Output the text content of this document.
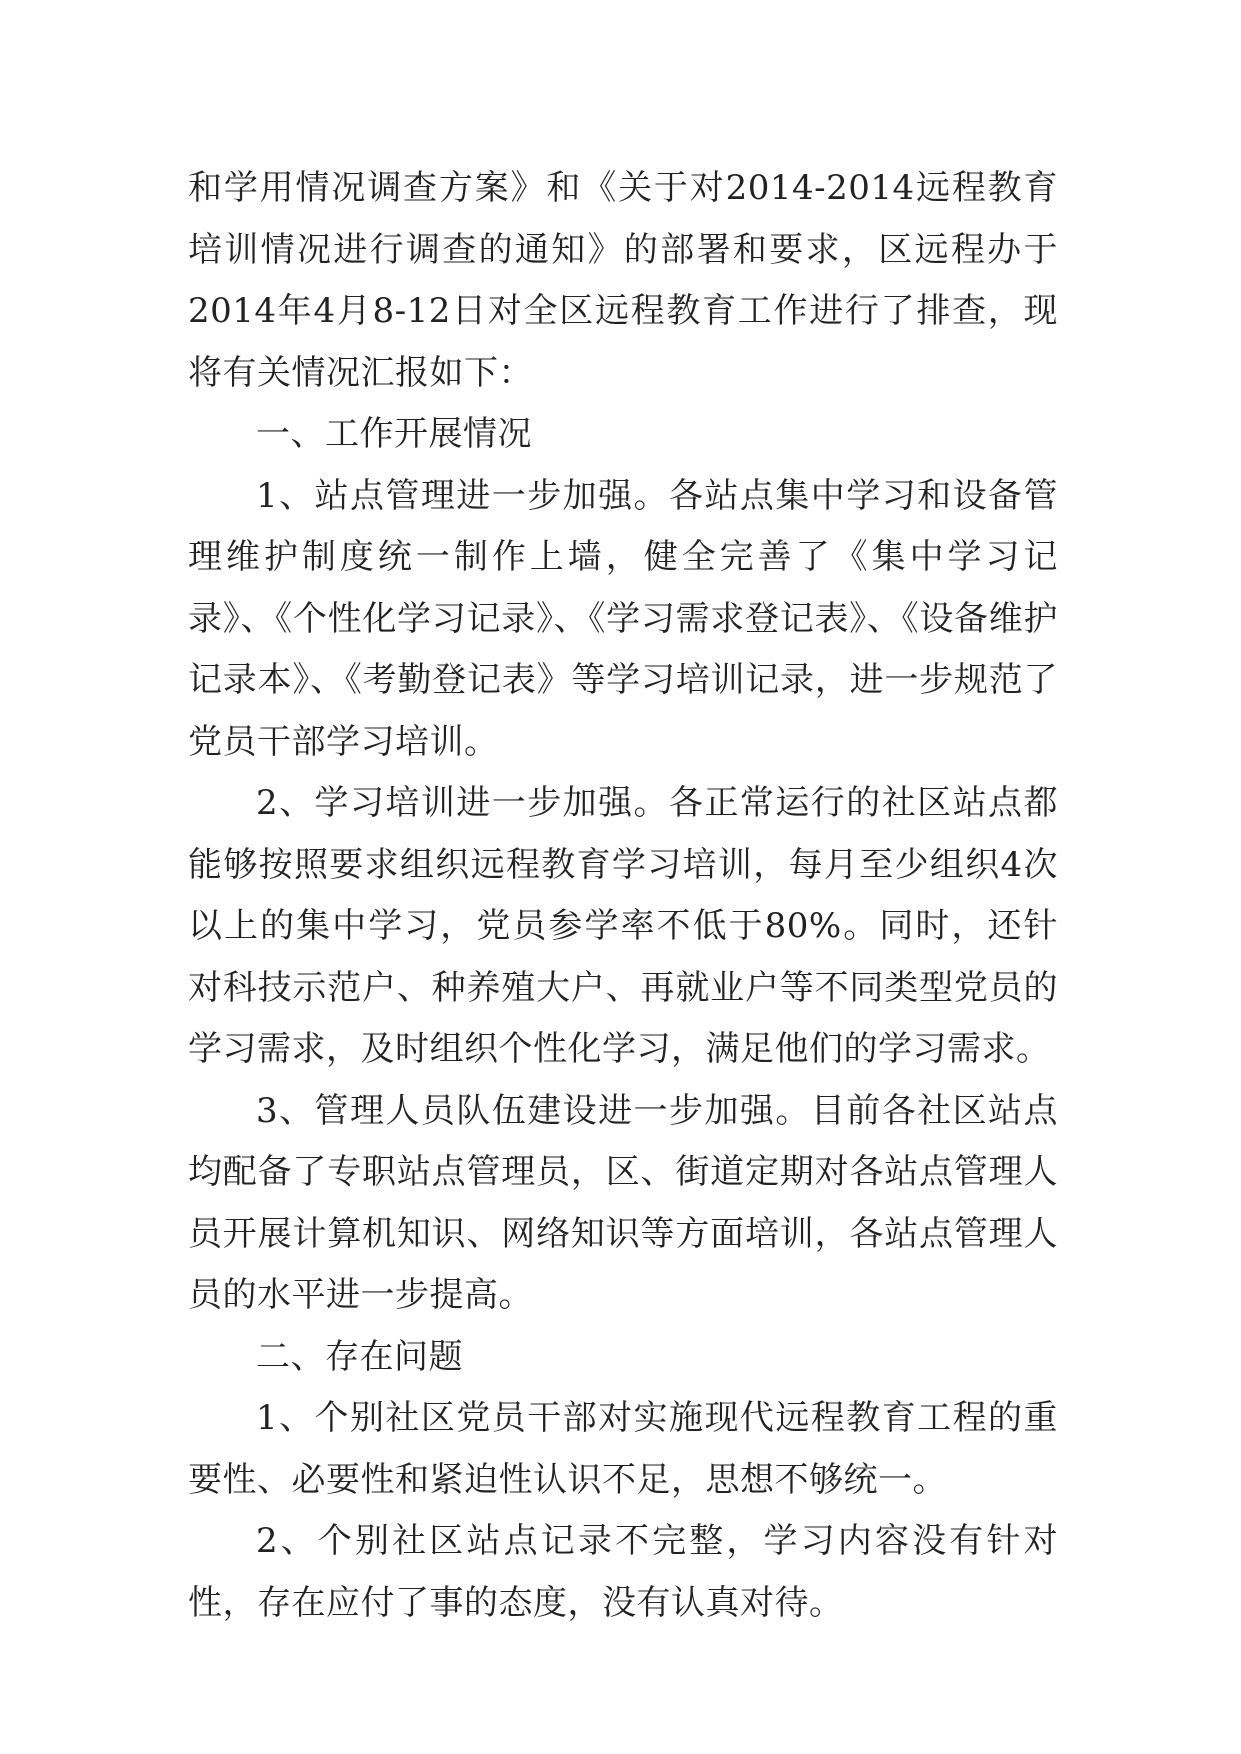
和学用情况调查方案》和《关于对2014-2014远程教育培训情况进行调查的通知》的部署和要求，区远程办于2014年4月8-12日对全区远程教育工作进行了排查，现将有关情况汇报如下：

一、工作开展情况

1、站点管理进一步加强。各站点集中学习和设备管理维护制度统一制作上墙，健全完善了《集中学习记录》、《个性化学习记录》、《学习需求登记表》、《设备维护记录本》、《考勤登记表》等学习培训记录，进一步规范了党员干部学习培训。

2、学习培训进一步加强。各正常运行的社区站点都能够按照要求组织远程教育学习培训，每月至少组织4次以上的集中学习，党员参学率不低于80%。同时，还针对科技示范户、种养殖大户、再就业户等不同类型党员的学习需求，及时组织个性化学习，满足他们的学习需求。

3、管理人员队伍建设进一步加强。目前各社区站点均配备了专职站点管理员，区、街道定期对各站点管理人员开展计算机知识、网络知识等方面培训，各站点管理人员的水平进一步提高。

二、存在问题

1、个别社区党员干部对实施现代远程教育工程的重要性、必要性和紧迫性认识不足，思想不够统一。

2、个别社区站点记录不完整，学习内容没有针对性，存在应付了事的态度，没有认真对待。
